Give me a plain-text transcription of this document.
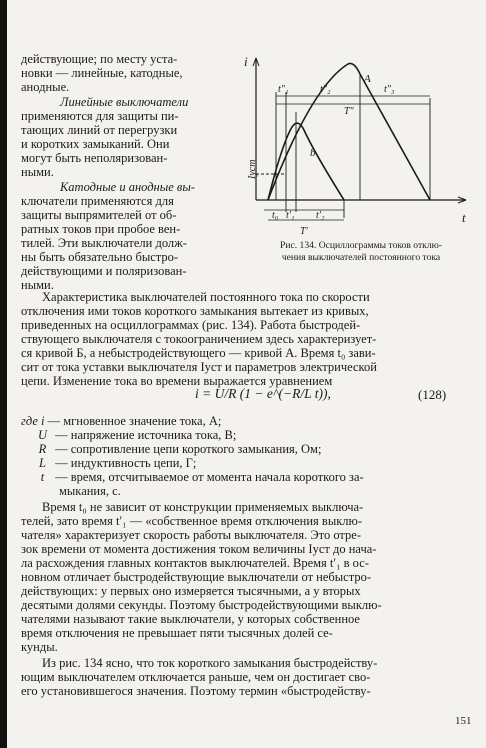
действующие; по месту уста-
новки — линейные, катодные,
анодные.
Линейные выключатели
применяются для защиты пи-
тающих линий от перегрузки
и коротких замыканий. Они
могут быть неполяризован-
ными.
Катодные и анодные вы-
ключатели применяются для
защиты выпрямителей от об-
ратных токов при пробое вен-
тилей. Эти выключатели долж-
ны быть обязательно быстро-
действующими и поляризован-
ными.
i
t
A
b
Iуст
t₀ t′₁
t″₁
t′₂
t″₂	t″₃
T′
T″
Рис. 134. Осциллограммы токов отклю-
чения выключателей постоянного тока
Характеристика выключателей постоянного тока по скорости
отключения ими токов короткого замыкания вытекает из кривых,
приведенных на осциллограммах (рис. 134). Работа быстродей-
ствующего выключателя с токоограничением здесь характеризует-
ся кривой Б, а небыстродействующего — кривой А. Время t₀ зави-
сит от тока уставки выключателя Iуст и параметров электрической
цепи. Изменение тока во времени выражается уравнением
i = U/R (1 − e^(−R/L t)),	(128)
где i — мгновенное значение тока, А;
U — напряжение источника тока, В;
R — сопротивление цепи короткого замыкания, Ом;
L — индуктивность цепи, Г;
t — время, отсчитываемое от момента начала короткого за-
мыкания, с.
Время t₀ не зависит от конструкции применяемых выключа-
телей, зато время t′₁ — «собственное время отключения выклю-
чателя» характеризует скорость работы выключателя. Это отре-
зок времени от момента достижения током величины Iуст до нача-
ла расхождения главных контактов выключателей. Время t′₁ в ос-
новном отличает быстродействующие выключатели от небыстро-
действующих: у первых оно измеряется тысячными, а у вторых
десятыми долями секунды. Поэтому быстродействующими выклю-
чателями называют такие выключатели, у которых собственное
время отключения не превышает пяти тысячных долей се-
кунды.
Из рис. 134 ясно, что ток короткого замыкания быстродейству-
ющим выключателем отключается раньше, чем он достигает сво-
его установившегося значения. Поэтому термин «быстродейству-
151
